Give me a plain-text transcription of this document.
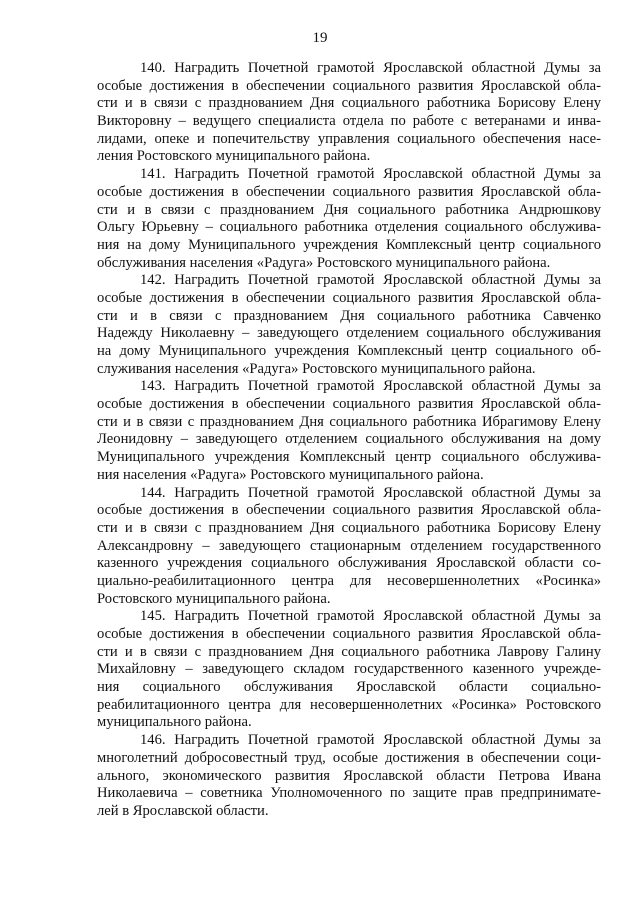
19
140. Наградить Почетной грамотой Ярославской областной Думы за
особые достижения в обеспечении социального развития Ярославской обла-
сти и в связи с празднованием Дня социального работника Борисову Елену
Викторовну – ведущего специалиста отдела по работе с ветеранами и инва-
лидами, опеке и попечительству управления социального обеспечения насе-
ления Ростовского муниципального района.
141. Наградить Почетной грамотой Ярославской областной Думы за
особые достижения в обеспечении социального развития Ярославской обла-
сти и в связи с празднованием Дня социального работника Андрюшкову
Ольгу Юрьевну – социального работника отделения социального обслужива-
ния на дому Муниципального учреждения Комплексный центр социального
обслуживания населения «Радуга» Ростовского муниципального района.
142. Наградить Почетной грамотой Ярославской областной Думы за
особые достижения в обеспечении социального развития Ярославской обла-
сти и в связи с празднованием Дня социального работника Савченко
Надежду Николаевну – заведующего отделением социального обслуживания
на дому Муниципального учреждения Комплексный центр социального об-
служивания населения «Радуга» Ростовского муниципального района.
143. Наградить Почетной грамотой Ярославской областной Думы за
особые достижения в обеспечении социального развития Ярославской обла-
сти и в связи с празднованием Дня социального работника Ибрагимову Елену
Леонидовну – заведующего отделением социального обслуживания на дому
Муниципального учреждения Комплексный центр социального обслужива-
ния населения «Радуга» Ростовского муниципального района.
144. Наградить Почетной грамотой Ярославской областной Думы за
особые достижения в обеспечении социального развития Ярославской обла-
сти и в связи с празднованием Дня социального работника Борисову Елену
Александровну – заведующего стационарным отделением государственного
казенного учреждения социального обслуживания Ярославской области со-
циально-реабилитационного центра для несовершеннолетних «Росинка»
Ростовского муниципального района.
145. Наградить Почетной грамотой Ярославской областной Думы за
особые достижения в обеспечении социального развития Ярославской обла-
сти и в связи с празднованием Дня социального работника Лаврову Галину
Михайловну – заведующего складом государственного казенного учрежде-
ния социального обслуживания Ярославской области социально-
реабилитационного центра для несовершеннолетних «Росинка» Ростовского
муниципального района.
146. Наградить Почетной грамотой Ярославской областной Думы за
многолетний добросовестный труд, особые достижения в обеспечении соци-
ального, экономического развития Ярославской области Петрова Ивана
Николаевича – советника Уполномоченного по защите прав предпринимате-
лей в Ярославской области.
